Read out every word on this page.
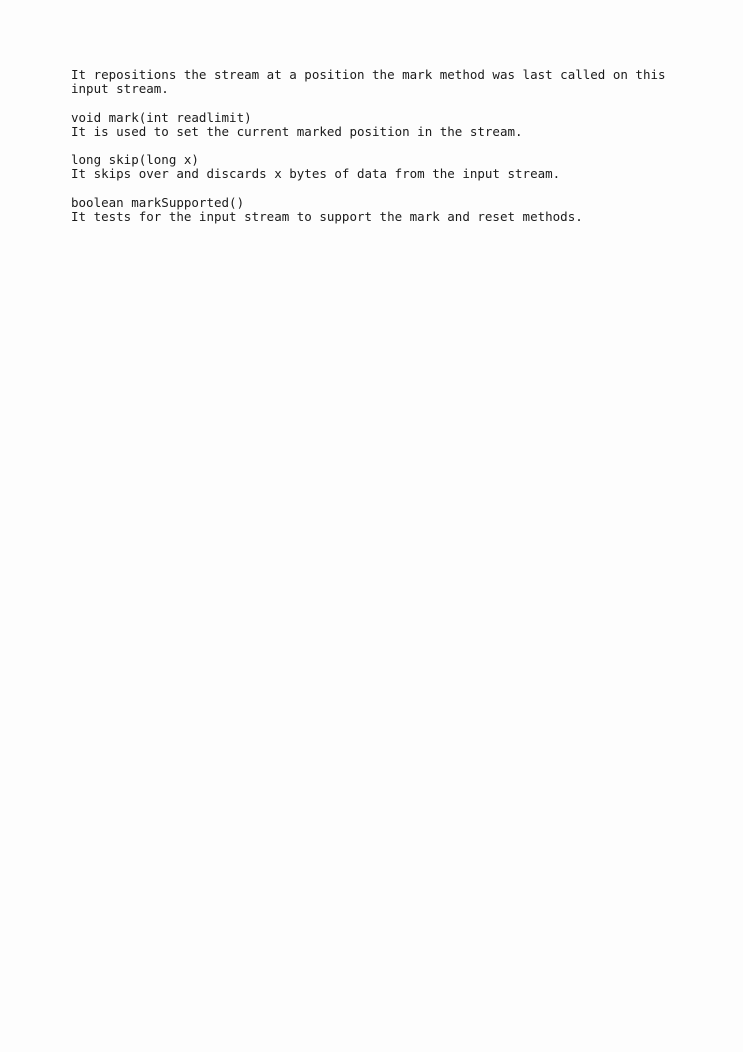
It repositions the stream at a position the mark method was last called on this
input stream.
void mark(int readlimit)
It is used to set the current marked position in the stream.
long skip(long x)
It skips over and discards x bytes of data from the input stream.
boolean markSupported()
It tests for the input stream to support the mark and reset methods.
